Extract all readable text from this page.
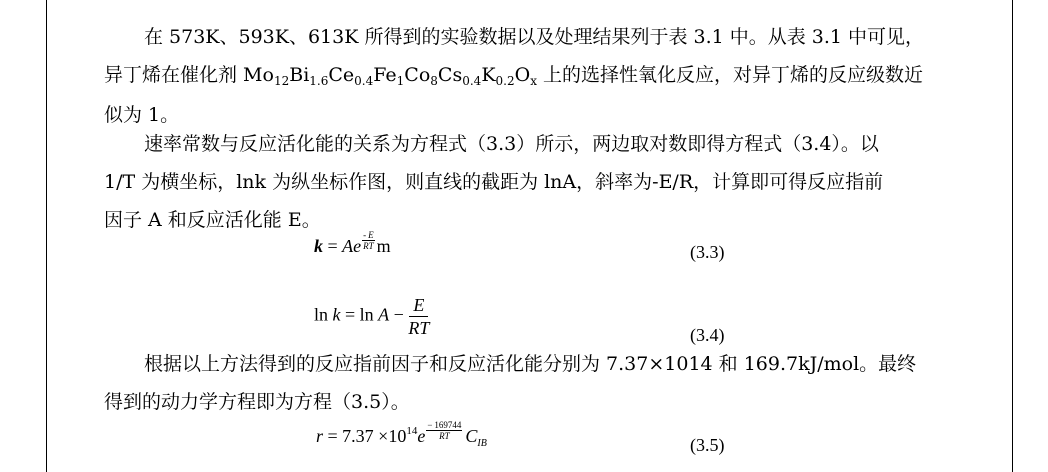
在 573K、593K、613K 所得到的实验数据以及处理结果列于表 3.1 中。从表 3.1 中可见，
异丁烯在催化剂 $Mo_{12}Bi_{1.6}Ce_{0.4}Fe_1Co_8Cs_{0.4}K_{0.2}O_x$ 上的选择性氧化反应，对异丁烯的反应级数近
似为 1。

速率常数与反应活化能的关系为方程式（3.3）所示，两边取对数即得方程式（3.4）。以
1/T 为横坐标，lnk 为纵坐标作图，则直线的截距为 lnA，斜率为-E/R，计算即可得反应指前
因子 A 和反应活化能 E。

k = Ae $\frac{- E}{RT}$ m	(3.3)
$\ln k = \ln A - \frac{E}{RT}$	(3.4)

根据以上方法得到的反应指前因子和反应活化能分别为 7.37×1014 和 169.7kJ/mol。最终
得到的动力学方程即为方程（3.5）。

$r = 7.37 \times 10^{14}e \frac{- 169744}{RT} C_{IB}$	(3.5)
